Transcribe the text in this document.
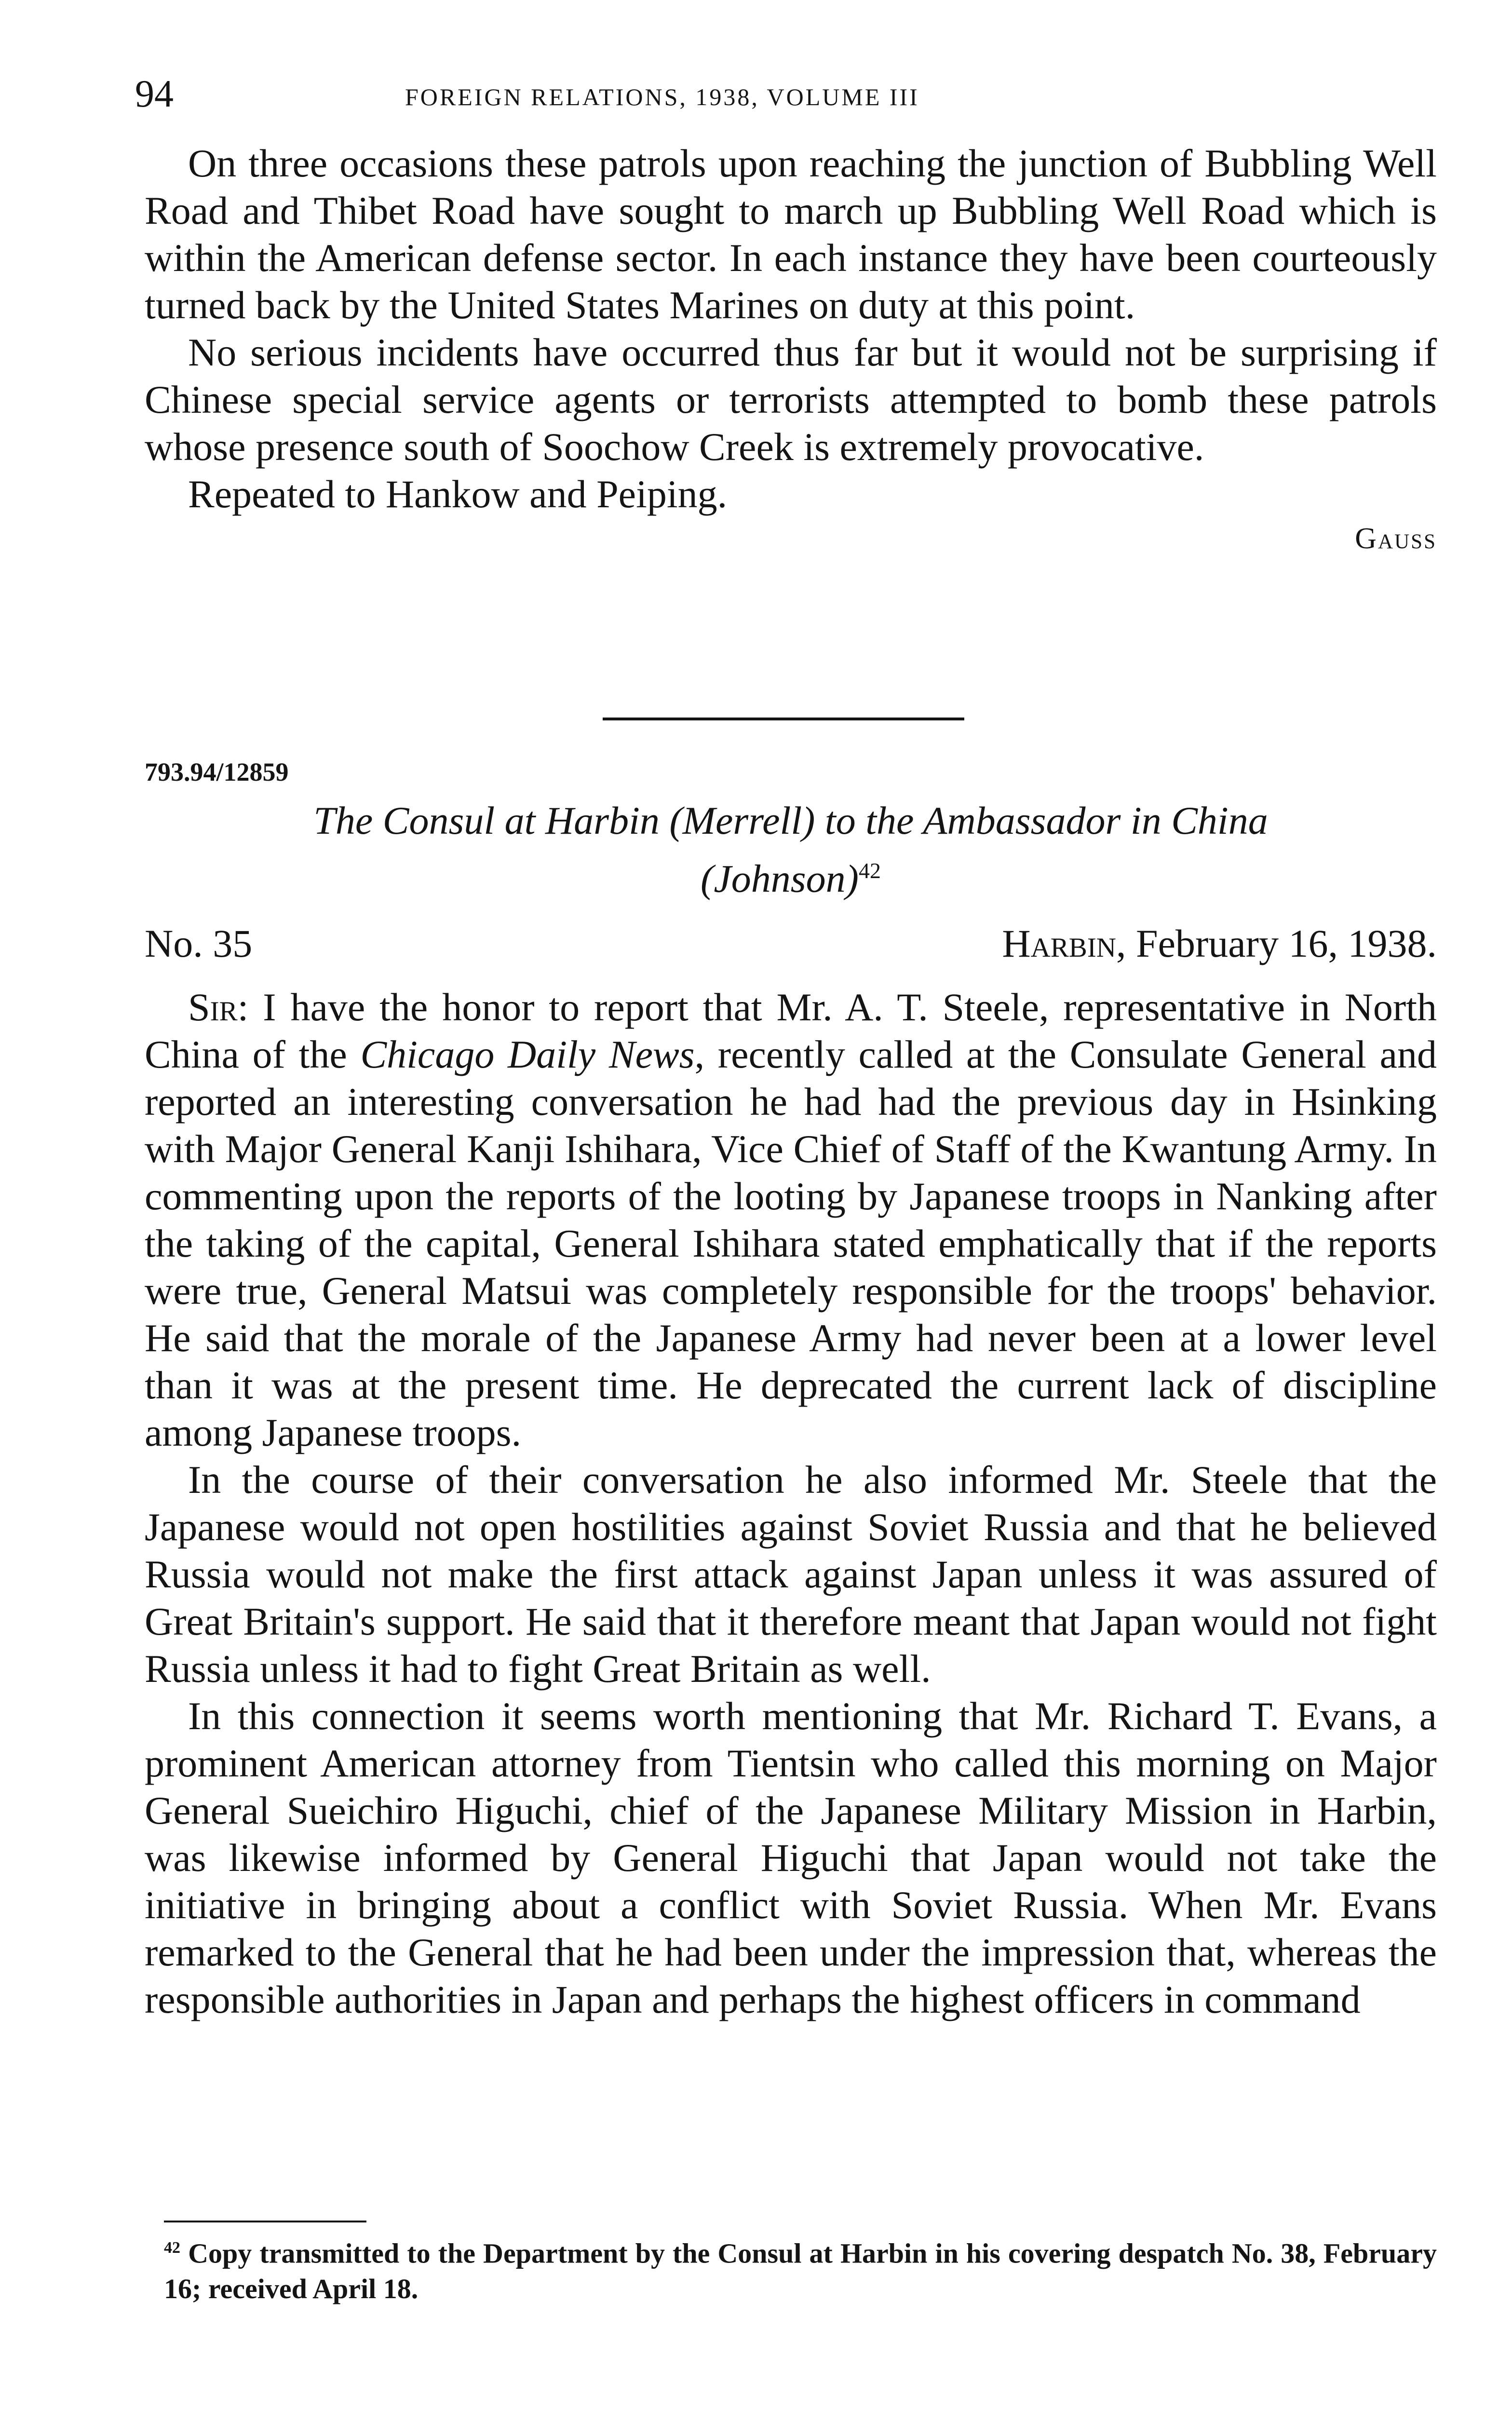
94	FOREIGN RELATIONS, 1938, VOLUME III

On three occasions these patrols upon reaching the junction of Bubbling Well Road and Thibet Road have sought to march up Bubbling Well Road which is within the American defense sector. In each instance they have been courteously turned back by the United States Marines on duty at this point.

No serious incidents have occurred thus far but it would not be surprising if Chinese special service agents or terrorists attempted to bomb these patrols whose presence south of Soochow Creek is extremely provocative.

Repeated to Hankow and Peiping.

Gauss
793.94/12859
The Consul at Harbin (Merrell) to the Ambassador in China
(Johnson)$^{42}$
No. 35	Harbin, February 16, 1938.

Sir: I have the honor to report that Mr. A. T. Steele, representative in North China of the Chicago Daily News, recently called at the Consulate General and reported an interesting conversation he had had the previous day in Hsinking with Major General Kanji Ishihara, Vice Chief of Staff of the Kwantung Army. In commenting upon the reports of the looting by Japanese troops in Nanking after the taking of the capital, General Ishihara stated emphatically that if the reports were true, General Matsui was completely responsible for the troops' behavior. He said that the morale of the Japanese Army had never been at a lower level than it was at the present time. He deprecated the current lack of discipline among Japanese troops.

In the course of their conversation he also informed Mr. Steele that the Japanese would not open hostilities against Soviet Russia and that he believed Russia would not make the first attack against Japan unless it was assured of Great Britain's support. He said that it therefore meant that Japan would not fight Russia unless it had to fight Great Britain as well.

In this connection it seems worth mentioning that Mr. Richard T. Evans, a prominent American attorney from Tientsin who called this morning on Major General Sueichiro Higuchi, chief of the Japanese Military Mission in Harbin, was likewise informed by General Higuchi that Japan would not take the initiative in bringing about a conflict with Soviet Russia. When Mr. Evans remarked to the General that he had been under the impression that, whereas the responsible authorities in Japan and perhaps the highest officers in command

$^{42}$ Copy transmitted to the Department by the Consul at Harbin in his covering despatch No. 38, February 16; received April 18.
